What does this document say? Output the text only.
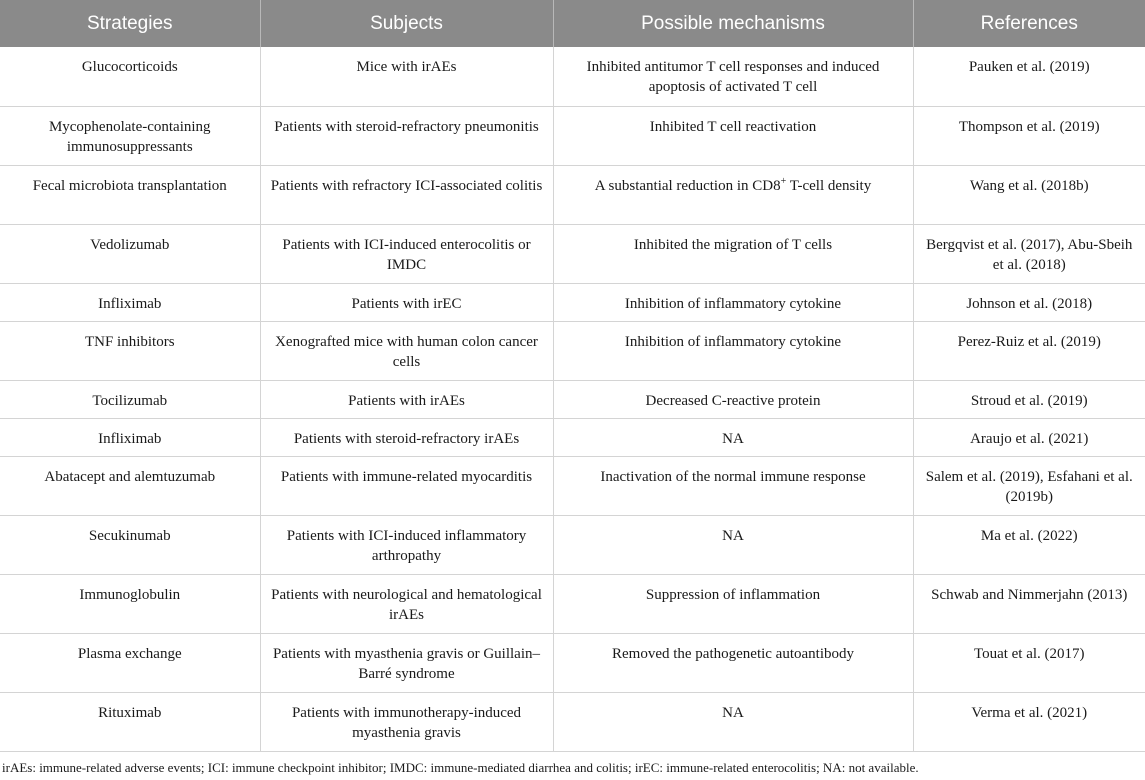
Strategies	Subjects	Possible mechanisms	References
Glucocorticoids	Mice with irAEs	Inhibited antitumor T cell responses and induced apoptosis of activated T cell	Pauken et al. (2019)
Mycophenolate-containing immunosuppressants	Patients with steroid-refractory pneumonitis	Inhibited T cell reactivation	Thompson et al. (2019)
Fecal microbiota transplantation	Patients with refractory ICI-associated colitis	A substantial reduction in CD8+ T-cell density	Wang et al. (2018b)
Vedolizumab	Patients with ICI-induced enterocolitis or IMDC	Inhibited the migration of T cells	Bergqvist et al. (2017), Abu-Sbeih et al. (2018)
Infliximab	Patients with irEC	Inhibition of inflammatory cytokine	Johnson et al. (2018)
TNF inhibitors	Xenografted mice with human colon cancer cells	Inhibition of inflammatory cytokine	Perez-Ruiz et al. (2019)
Tocilizumab	Patients with irAEs	Decreased C-reactive protein	Stroud et al. (2019)
Infliximab	Patients with steroid-refractory irAEs	NA	Araujo et al. (2021)
Abatacept and alemtuzumab	Patients with immune-related myocarditis	Inactivation of the normal immune response	Salem et al. (2019), Esfahani et al. (2019b)
Secukinumab	Patients with ICI-induced inflammatory arthropathy	NA	Ma et al. (2022)
Immunoglobulin	Patients with neurological and hematological irAEs	Suppression of inflammation	Schwab and Nimmerjahn (2013)
Plasma exchange	Patients with myasthenia gravis or Guillain–Barré syndrome	Removed the pathogenetic autoantibody	Touat et al. (2017)
Rituximab	Patients with immunotherapy-induced myasthenia gravis	NA	Verma et al. (2021)
irAEs: immune-related adverse events; ICI: immune checkpoint inhibitor; IMDC: immune-mediated diarrhea and colitis; irEC: immune-related enterocolitis; NA: not available.
